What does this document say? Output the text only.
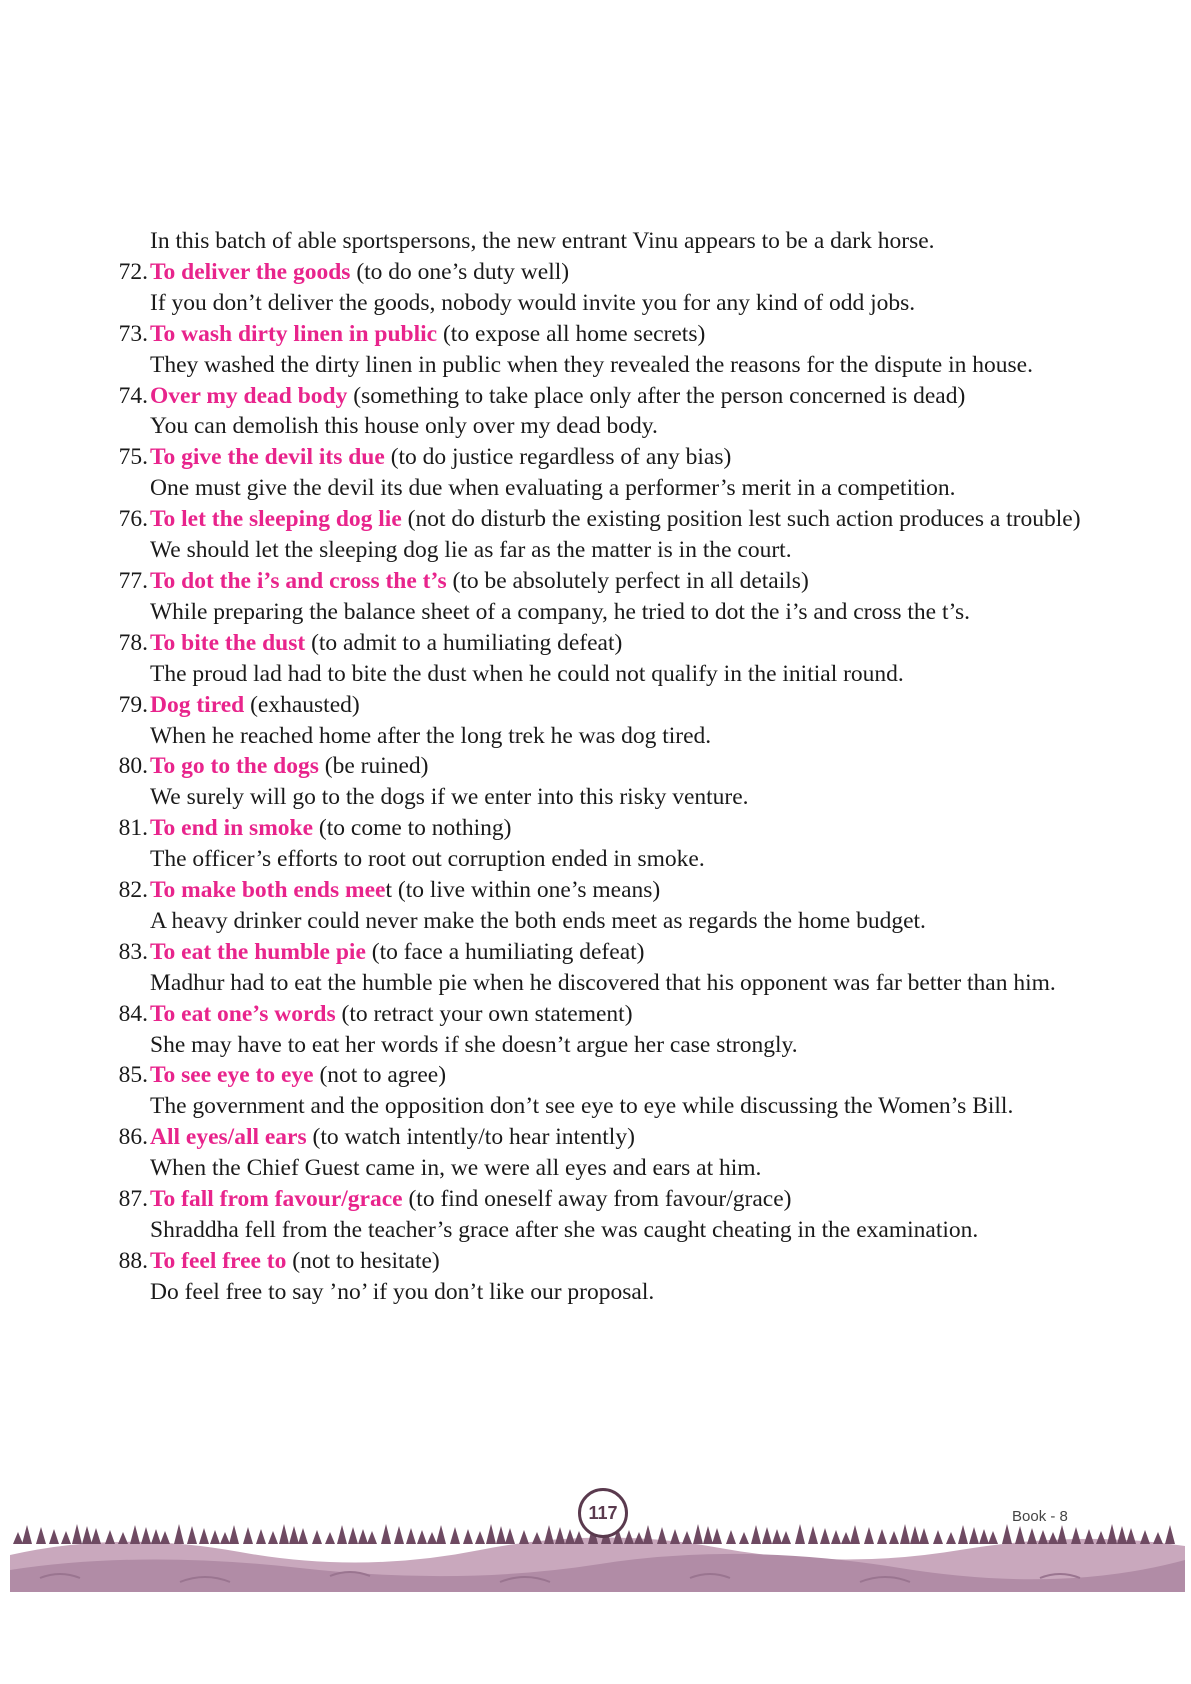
In this batch of able sportspersons, the new entrant Vinu appears to be a dark horse.
72. To deliver the goods (to do one’s duty well)
If you don’t deliver the goods, nobody would invite you for any kind of odd jobs.
73. To wash dirty linen in public (to expose all home secrets)
They washed the dirty linen in public when they revealed the reasons for the dispute in house.
74. Over my dead body (something to take place only after the person concerned is dead)
You can demolish this house only over my dead body.
75. To give the devil its due (to do justice regardless of any bias)
One must give the devil its due when evaluating a performer’s merit in a competition.
76. To let the sleeping dog lie (not do disturb the existing position lest such action produces a trouble)
We should let the sleeping dog lie as far as the matter is in the court.
77. To dot the i’s and cross the t’s (to be absolutely perfect in all details)
While preparing the balance sheet of a company, he tried to dot the i’s and cross the t’s.
78. To bite the dust (to admit to a humiliating defeat)
The proud lad had to bite the dust when he could not qualify in the initial round.
79. Dog tired (exhausted)
When he reached home after the long trek he was dog tired.
80. To go to the dogs (be ruined)
We surely will go to the dogs if we enter into this risky venture.
81. To end in smoke (to come to nothing)
The officer’s efforts to root out corruption ended in smoke.
82. To make both ends meet (to live within one’s means)
A heavy drinker could never make the both ends meet as regards the home budget.
83. To eat the humble pie (to face a humiliating defeat)
Madhur had to eat the humble pie when he discovered that his opponent was far better than him.
84. To eat one’s words (to retract your own statement)
She may have to eat her words if she doesn’t argue her case strongly.
85. To see eye to eye (not to agree)
The government and the opposition don’t see eye to eye while discussing the Women’s Bill.
86. All eyes/all ears (to watch intently/to hear intently)
When the Chief Guest came in, we were all eyes and ears at him.
87. To fall from favour/grace (to find oneself away from favour/grace)
Shraddha fell from the teacher’s grace after she was caught cheating in the examination.
88. To feel free to (not to hesitate)
Do feel free to say ’no’ if you don’t like our proposal.
117	Book - 8
